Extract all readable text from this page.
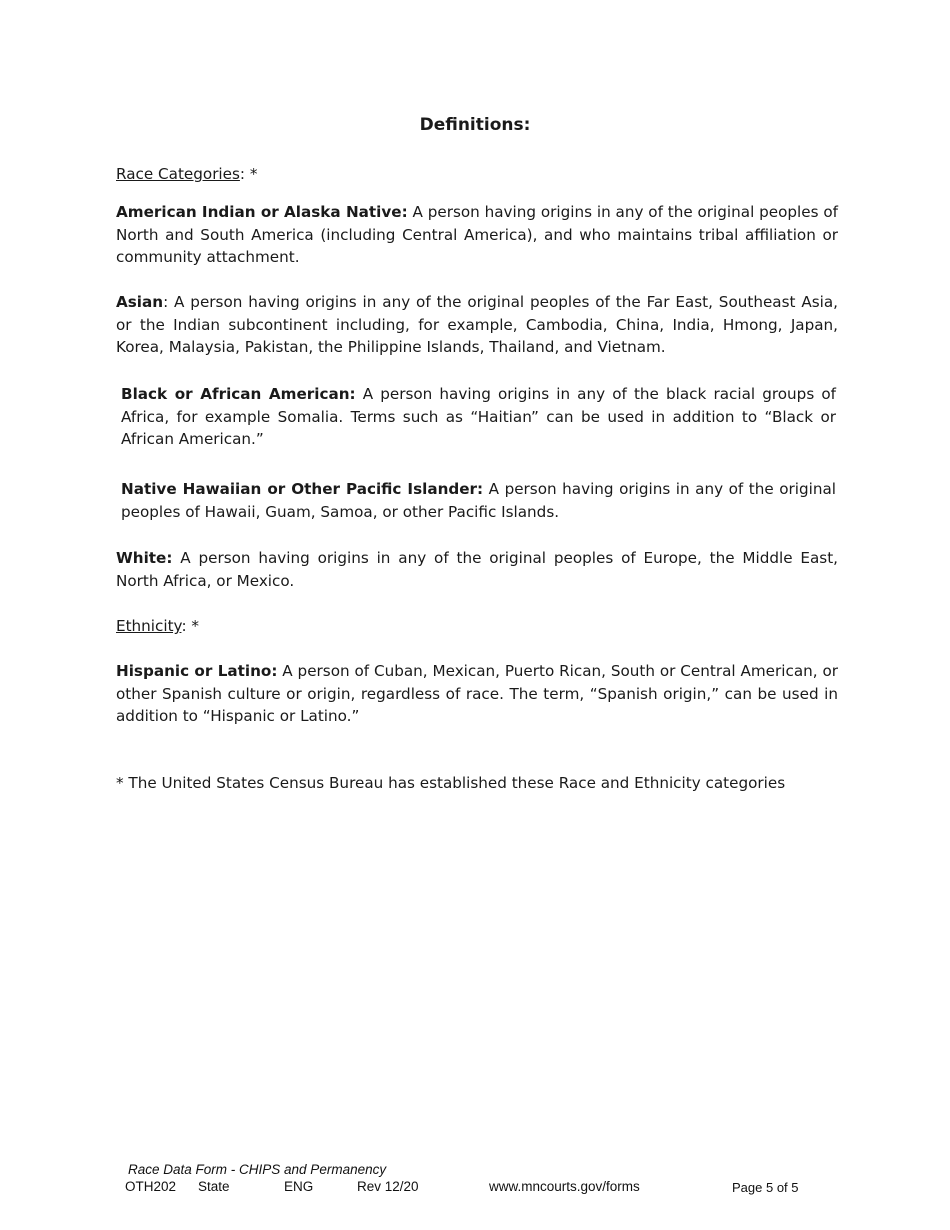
Definitions:
Race Categories: *
American Indian or Alaska Native: A person having origins in any of the original peoples of North and South America (including Central America), and who maintains tribal affiliation or community attachment.
Asian: A person having origins in any of the original peoples of the Far East, Southeast Asia, or the Indian subcontinent including, for example, Cambodia, China, India, Hmong, Japan, Korea, Malaysia, Pakistan, the Philippine Islands, Thailand, and Vietnam.
Black or African American: A person having origins in any of the black racial groups of Africa, for example Somalia. Terms such as “Haitian” can be used in addition to “Black or African American.”
Native Hawaiian or Other Pacific Islander: A person having origins in any of the original peoples of Hawaii, Guam, Samoa, or other Pacific Islands.
White: A person having origins in any of the original peoples of Europe, the Middle East, North Africa, or Mexico.
Ethnicity: *
Hispanic or Latino: A person of Cuban, Mexican, Puerto Rican, South or Central American, or other Spanish culture or origin, regardless of race. The term, “Spanish origin,” can be used in addition to “Hispanic or Latino.”
* The United States Census Bureau has established these Race and Ethnicity categories
Race Data Form - CHIPS and Permanency
OTH202 State	ENG	Rev 12/20	www.mncourts.gov/forms	Page 5 of 5
